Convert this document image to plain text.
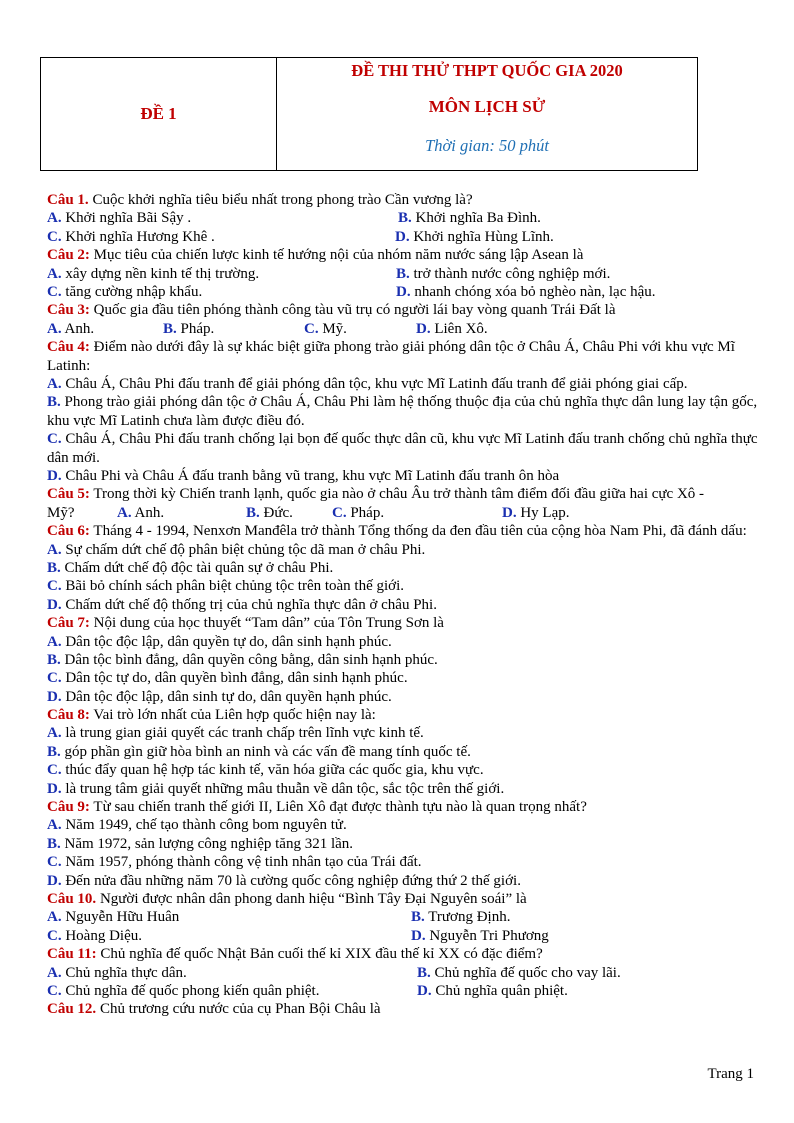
ĐỀ 1
ĐỀ THI THỬ THPT QUỐC GIA 2020
MÔN LỊCH SỬ
Thời gian: 50 phút
Câu 1. Cuộc khởi nghĩa tiêu biểu nhất trong phong trào Cần vương là?
A. Khởi nghĩa Bãi Sậy .	B. Khởi nghĩa Ba Đình.
C. Khởi nghĩa Hương Khê .	D. Khởi nghĩa Hùng Lĩnh.
Câu 2: Mục tiêu của chiến lược kinh tế hướng nội của nhóm năm nước sáng lập Asean là
A. xây dựng nền kinh tế thị trường.	B. trở thành nước công nghiệp mới.
C. tăng cường nhập khẩu.	D. nhanh chóng xóa bỏ nghèo nàn, lạc hậu.
Câu 3: Quốc gia đầu tiên phóng thành công tàu vũ trụ có người lái bay vòng quanh Trái Đất là
A. Anh.	B. Pháp.	C. Mỹ.	D. Liên Xô.
Câu 4: Điểm nào dưới đây là sự khác biệt giữa phong trào giải phóng dân tộc ở Châu Á, Châu Phi với khu vực Mĩ Latinh:
A. Châu Á, Châu Phi đấu tranh để giải phóng dân tộc, khu vực Mĩ Latinh đấu tranh để giải phóng giai cấp.
B. Phong trào giải phóng dân tộc ở Châu Á, Châu Phi làm hệ thống thuộc địa của chủ nghĩa thực dân lung lay tận gốc, khu vực Mĩ Latinh chưa làm được điều đó.
C. Châu Á, Châu Phi đấu tranh chống lại bọn đế quốc thực dân cũ, khu vực Mĩ Latinh đấu tranh chống chủ nghĩa thực dân mới.
D. Châu Phi và Châu Á đấu tranh bằng vũ trang, khu vực Mĩ Latinh đấu tranh ôn hòa
Câu 5: Trong thời kỳ Chiến tranh lạnh, quốc gia nào ở châu Âu trở thành tâm điểm đối đầu giữa hai cực Xô -
Mỹ?	A. Anh.	B. Đức.	C. Pháp.	D. Hy Lạp.
Câu 6: Tháng 4 - 1994, Nenxơn Manđêla trở thành Tổng thống da đen đầu tiên của cộng hòa Nam Phi, đã đánh dấu:
A. Sự chấm dứt chế độ phân biệt chủng tộc dã man ở châu Phi.
B. Chấm dứt chế độ độc tài quân sự ở châu Phi.
C. Bãi bỏ chính sách phân biệt chủng tộc trên toàn thế giới.
D. Chấm dứt chế độ thống trị của chủ nghĩa thực dân ở châu Phi.
Câu 7: Nội dung của học thuyết “Tam dân” của Tôn Trung Sơn là
A. Dân tộc độc lập, dân quyền tự do, dân sinh hạnh phúc.
B. Dân tộc bình đẳng, dân quyền công bằng, dân sinh hạnh phúc.
C. Dân tộc tự do, dân quyền bình đẳng, dân sinh hạnh phúc.
D. Dân tộc độc lập, dân sinh tự do, dân quyền hạnh phúc.
Câu 8: Vai trò lớn nhất của Liên hợp quốc hiện nay là:
A. là trung gian giải quyết các tranh chấp trên lĩnh vực kinh tế.
B. góp phần gìn giữ hòa bình an ninh và các vấn đề mang tính quốc tế.
C. thúc đẩy quan hệ hợp tác kinh tế, văn hóa giữa các quốc gia, khu vực.
D. là trung tâm giải quyết những mâu thuẫn về dân tộc, sắc tộc trên thế giới.
Câu 9: Từ sau chiến tranh thế giới II, Liên Xô đạt được thành tựu nào là quan trọng nhất?
A. Năm 1949, chế tạo thành công bom nguyên tử.
B. Năm 1972, sản lượng công nghiệp tăng 321 lần.
C. Năm 1957, phóng thành công vệ tinh nhân tạo của Trái đất.
D. Đến nửa đầu những năm 70 là cường quốc công nghiệp đứng thứ 2 thế giới.
Câu 10. Người được nhân dân phong danh hiệu “Bình Tây Đại Nguyên soái” là
A. Nguyễn Hữu Huân	B. Trương Định.
C. Hoàng Diệu.	D. Nguyễn Tri Phương
Câu 11: Chủ nghĩa đế quốc Nhật Bản cuối thế kỉ XIX đầu thế kỉ XX có đặc điểm?
A. Chủ nghĩa thực dân.	B. Chủ nghĩa đế quốc cho vay lãi.
C. Chủ nghĩa đế quốc phong kiến quân phiệt.	D. Chủ nghĩa quân phiệt.
Câu 12. Chủ trương cứu nước của cụ Phan Bội Châu là
Trang 1
